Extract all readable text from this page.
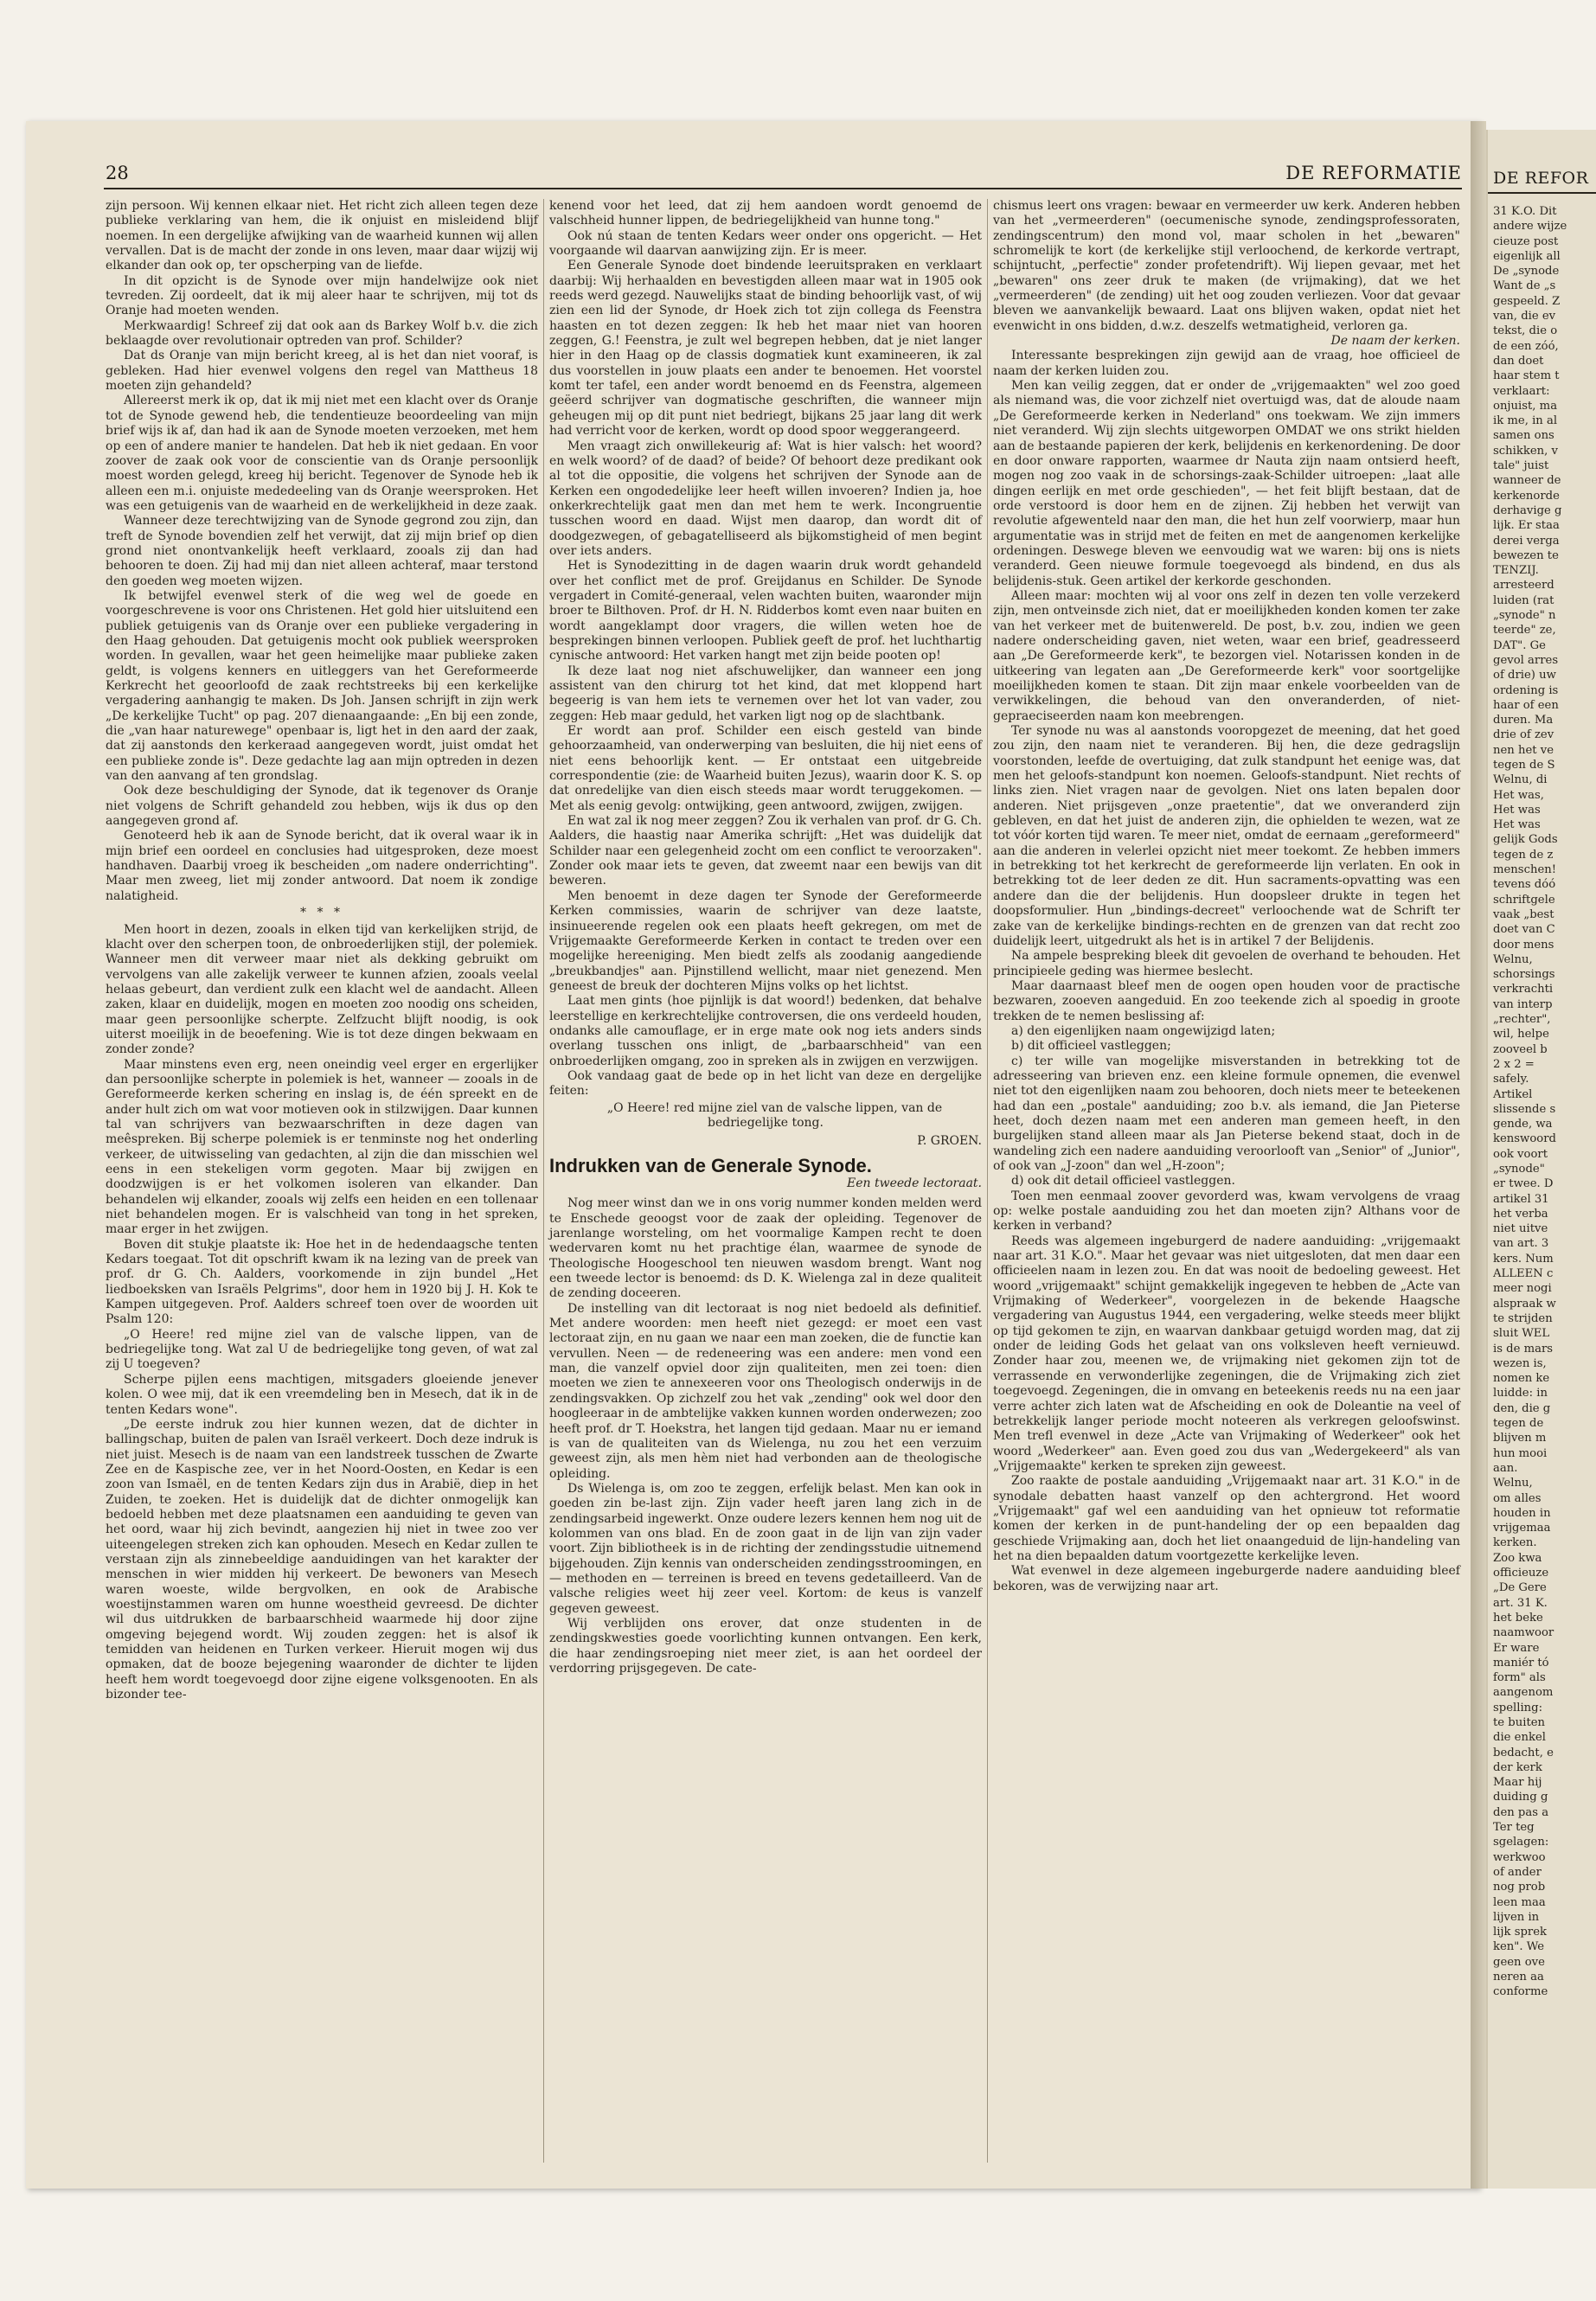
28	DE REFORMATIE

zijn persoon. Wij kennen elkaar niet. Het richt zich alleen tegen deze publieke verklaring van hem, die ik onjuist en misleidend blijf noemen. In een dergelijke afwijking van de waarheid kunnen wij allen vervallen. Dat is de macht der zonde in ons leven, maar daar wijzij wij elkander dan ook op, ter opscherping van de liefde.

In dit opzicht is de Synode over mijn handelwijze ook niet tevreden. Zij oordeelt, dat ik mij aleer haar te schrijven, mij tot ds Oranje had moeten wenden.

Merkwaardig! Schreef zij dat ook aan ds Barkey Wolf b.v. die zich beklaagde over revolutionair optreden van prof. Schilder?

Dat ds Oranje van mijn bericht kreeg, al is het dan niet vooraf, is gebleken. Had hier evenwel volgens den regel van Mattheus 18 moeten zijn gehandeld?

Allereerst merk ik op, dat ik mij niet met een klacht over ds Oranje tot de Synode gewend heb, die tendentieuze beoordeeling van mijn brief wijs ik af, dan had ik aan de Synode moeten verzoeken, met hem op een of andere manier te handelen. Dat heb ik niet gedaan. En voor zoover de zaak ook voor de conscientie van ds Oranje persoonlijk moest worden gelegd, kreeg hij bericht. Tegenover de Synode heb ik alleen een m.i. onjuiste mededeeling van ds Oranje weersproken. Het was een getuigenis van de waarheid en de werkelijkheid in deze zaak.

Wanneer deze terechtwijzing van de Synode gegrond zou zijn, dan treft de Synode bovendien zelf het verwijt, dat zij mijn brief op dien grond niet onontvankelijk heeft verklaard, zooals zij dan had behooren te doen. Zij had mij dan niet alleen achteraf, maar terstond den goeden weg moeten wijzen.

Ik betwijfel evenwel sterk of die weg wel de goede en voorgeschrevene is voor ons Christenen. Het gold hier uitsluitend een publiek getuigenis van ds Oranje over een publieke vergadering in den Haag gehouden. Dat getuigenis mocht ook publiek weersproken worden. In gevallen, waar het geen heimelijke maar publieke zaken geldt, is volgens kenners en uitleggers van het Gereformeerde Kerkrecht het geoorloofd de zaak rechtstreeks bij een kerkelijke vergadering aanhangig te maken. Ds Joh. Jansen schrijft in zijn werk „De kerkelijke Tucht" op pag. 207 dienaangaande: „En bij een zonde, die „van haar naturewege" openbaar is, ligt het in den aard der zaak, dat zij aanstonds den kerkeraad aangegeven wordt, juist omdat het een publieke zonde is". Deze gedachte lag aan mijn optreden in dezen van den aanvang af ten grondslag.

Ook deze beschuldiging der Synode, dat ik tegenover ds Oranje niet volgens de Schrift gehandeld zou hebben, wijs ik dus op den aangegeven grond af.

Genoteerd heb ik aan de Synode bericht, dat ik overal waar ik in mijn brief een oordeel en conclusies had uitgesproken, deze moest handhaven. Daarbij vroeg ik bescheiden „om nadere onderrichting". Maar men zweeg, liet mij zonder antwoord. Dat noem ik zondige nalatigheid.

* * *

Men hoort in dezen, zooals in elken tijd van kerkelijken strijd, de klacht over den scherpen toon, de onbroederlijken stijl, der polemiek. Wanneer men dit verweer maar niet als dekking gebruikt om vervolgens van alle zakelijk verweer te kunnen afzien, zooals veelal helaas gebeurt, dan verdient zulk een klacht wel de aandacht. Alleen zaken, klaar en duidelijk, mogen en moeten zoo noodig ons scheiden, maar geen persoonlijke scherpte. Zelfzucht blijft noodig, is ook uiterst moeilijk in de beoefening. Wie is tot deze dingen bekwaam en zonder zonde?

Maar minstens even erg, neen oneindig veel erger en ergerlijker dan persoonlijke scherpte in polemiek is het, wanneer — zooals in de Gereformeerde kerken schering en inslag is, de één spreekt en de ander hult zich om wat voor motieven ook in stilzwijgen. Daar kunnen tal van schrijvers van bezwaarschriften in deze dagen van meêspreken. Bij scherpe polemiek is er tenminste nog het onderling verkeer, de uitwisseling van gedachten, al zijn die dan misschien wel eens in een stekeligen vorm gegoten. Maar bij zwijgen en doodzwijgen is er het volkomen isoleren van elkander. Dan behandelen wij elkander, zooals wij zelfs een heiden en een tollenaar niet behandelen mogen. Er is valschheid van tong in het spreken, maar erger in het zwijgen.

Boven dit stukje plaatste ik: Hoe het in de hedendaagsche tenten Kedars toegaat. Tot dit opschrift kwam ik na lezing van de preek van prof. dr G. Ch. Aalders, voorkomende in zijn bundel „Het liedboeksken van Israëls Pelgrims", door hem in 1920 bij J. H. Kok te Kampen uitgegeven. Prof. Aalders schreef toen over de woorden uit Psalm 120:

„O Heere! red mijne ziel van de valsche lippen, van de bedriegelijke tong. Wat zal U de bedriegelijke tong geven, of wat zal zij U toegeven?

Scherpe pijlen eens machtigen, mitsgaders gloeiende jenever kolen. O wee mij, dat ik een vreemdeling ben in Mesech, dat ik in de tenten Kedars wone".

„De eerste indruk zou hier kunnen wezen, dat de dichter in ballingschap, buiten de palen van Israël verkeert. Doch deze indruk is niet juist. Mesech is de naam van een landstreek tusschen de Zwarte Zee en de Kaspische zee, ver in het Noord-Oosten, en Kedar is een zoon van Ismaël, en de tenten Kedars zijn dus in Arabië, diep in het Zuiden, te zoeken. Het is duidelijk dat de dichter onmogelijk kan bedoeld hebben met deze plaatsnamen een aanduiding te geven van het oord, waar hij zich bevindt, aangezien hij niet in twee zoo ver uiteengelegen streken zich kan ophouden. Mesech en Kedar zullen te verstaan zijn als zinnebeeldige aanduidingen van het karakter der menschen in wier midden hij verkeert. De bewoners van Mesech waren woeste, wilde bergvolken, en ook de Arabische woestijnstammen waren om hunne woestheid gevreesd. De dichter wil dus uitdrukken de barbaarschheid waarmede hij door zijne omgeving bejegend wordt. Wij zouden zeggen: het is alsof ik temidden van heidenen en Turken verkeer. Hieruit mogen wij dus opmaken, dat de booze bejegening waaronder de dichter te lijden heeft hem wordt toegevoegd door zijne eigene volksgenooten. En als bizonder tee-

kenend voor het leed, dat zij hem aandoen wordt genoemd de valschheid hunner lippen, de bedriegelijkheid van hunne tong."

Ook nú staan de tenten Kedars weer onder ons opgericht. — Het voorgaande wil daarvan aanwijzing zijn. Er is meer.

Een Generale Synode doet bindende leeruitspraken en verklaart daarbij: Wij herhaalden en bevestigden alleen maar wat in 1905 ook reeds werd gezegd. Nauwelijks staat de binding behoorlijk vast, of wij zien een lid der Synode, dr Hoek zich tot zijn collega ds Feenstra haasten en tot dezen zeggen: Ik heb het maar niet van hooren zeggen, G.! Feenstra, je zult wel begrepen hebben, dat je niet langer hier in den Haag op de classis dogmatiek kunt examineeren, ik zal dus voorstellen in jouw plaats een ander te benoemen. Het voorstel komt ter tafel, een ander wordt benoemd en ds Feenstra, algemeen geëerd schrijver van dogmatische geschriften, die wanneer mijn geheugen mij op dit punt niet bedriegt, bijkans 25 jaar lang dit werk had verricht voor de kerken, wordt op dood spoor weggerangeerd.

Men vraagt zich onwillekeurig af: Wat is hier valsch: het woord? en welk woord? of de daad? of beide? Of behoort deze predikant ook al tot die oppositie, die volgens het schrijven der Synode aan de Kerken een ongodedelijke leer heeft willen invoeren? Indien ja, hoe onkerkrechtelijk gaat men dan met hem te werk. Incongruentie tusschen woord en daad. Wijst men daarop, dan wordt dit of doodgezwegen, of gebagatelliseerd als bijkomstigheid of men begint over iets anders.

Het is Synodezitting in de dagen waarin druk wordt gehandeld over het conflict met de prof. Greijdanus en Schilder. De Synode vergadert in Comité-generaal, velen wachten buiten, waaronder mijn broer te Bilthoven. Prof. dr H. N. Ridderbos komt even naar buiten en wordt aangeklampt door vragers, die willen weten hoe de besprekingen binnen verloopen. Publiek geeft de prof. het luchthartig cynische antwoord: Het varken hangt met zijn beide pooten op!

Ik deze laat nog niet afschuwelijker, dan wanneer een jong assistent van den chirurg tot het kind, dat met kloppend hart begeerig is van hem iets te vernemen over het lot van vader, zou zeggen: Heb maar geduld, het varken ligt nog op de slachtbank.

Er wordt aan prof. Schilder een eisch gesteld van binde gehoorzaamheid, van onderwerping van besluiten, die hij niet eens of niet eens behoorlijk kent. — Er ontstaat een uitgebreide correspondentie (zie: de Waarheid buiten Jezus), waarin door K. S. op dat onredelijke van dien eisch steeds maar wordt teruggekomen. — Met als eenig gevolg: ontwijking, geen antwoord, zwijgen, zwijgen.

En wat zal ik nog meer zeggen? Zou ik verhalen van prof. dr G. Ch. Aalders, die haastig naar Amerika schrijft: „Het was duidelijk dat Schilder naar een gelegenheid zocht om een conflict te veroorzaken". Zonder ook maar iets te geven, dat zweemt naar een bewijs van dit beweren.

Men benoemt in deze dagen ter Synode der Gereformeerde Kerken commissies, waarin de schrijver van deze laatste, insinueerende regelen ook een plaats heeft gekregen, om met de Vrijgemaakte Gereformeerde Kerken in contact te treden over een mogelijke hereeniging. Men biedt zelfs als zoodanig aangediende „breukbandjes" aan. Pijnstillend wellicht, maar niet genezend. Men geneest de breuk der dochteren Mijns volks op het lichtst.

Laat men gints (hoe pijnlijk is dat woord!) bedenken, dat behalve leerstellige en kerkrechtelijke controversen, die ons verdeeld houden, ondanks alle camouflage, er in erge mate ook nog iets anders sinds overlang tusschen ons inligt, de „barbaarschheid" van een onbroederlijken omgang, zoo in spreken als in zwijgen en verzwijgen.

Ook vandaag gaat de bede op in het licht van deze en dergelijke feiten:

„O Heere! red mijne ziel van de valsche lippen, van de bedriegelijke tong.

P. GROEN.
Indrukken van de Generale Synode.
Een tweede lectoraat.

Nog meer winst dan we in ons vorig nummer konden melden werd te Enschede geoogst voor de zaak der opleiding. Tegenover de jarenlange worsteling, om het voormalige Kampen recht te doen wedervaren komt nu het prachtige élan, waarmee de synode de Theologische Hoogeschool ten nieuwen wasdom brengt. Want nog een tweede lector is benoemd: ds D. K. Wielenga zal in deze qualiteit de zending doceeren.

De instelling van dit lectoraat is nog niet bedoeld als definitief. Met andere woorden: men heeft niet gezegd: er moet een vast lectoraat zijn, en nu gaan we naar een man zoeken, die de functie kan vervullen. Neen — de redeneering was een andere: men vond een man, die vanzelf opviel door zijn qualiteiten, men zei toen: dien moeten we zien te annexeeren voor ons Theologisch onderwijs in de zendingsvakken. Op zichzelf zou het vak „zending" ook wel door den hoogleeraar in de ambtelijke vakken kunnen worden onderwezen; zoo heeft prof. dr T. Hoekstra, het langen tijd gedaan. Maar nu er iemand is van de qualiteiten van ds Wielenga, nu zou het een verzuim geweest zijn, als men hèm niet had verbonden aan de theologische opleiding.

Ds Wielenga is, om zoo te zeggen, erfelijk belast. Men kan ook in goeden zin be-last zijn. Zijn vader heeft jaren lang zich in de zendingsarbeid ingewerkt. Onze oudere lezers kennen hem nog uit de kolommen van ons blad. En de zoon gaat in de lijn van zijn vader voort. Zijn bibliotheek is in de richting der zendingsstudie uitnemend bijgehouden. Zijn kennis van onderscheiden zendingsstroomingen, en — methoden en — terreinen is breed en tevens gedetailleerd. Van de valsche religies weet hij zeer veel. Kortom: de keus is vanzelf gegeven geweest.

Wij verblijden ons erover, dat onze studenten in de zendingskwesties goede voorlichting kunnen ontvangen. Een kerk, die haar zendingsroeping niet meer ziet, is aan het oordeel der verdorring prijsgegeven. De cate-

chismus leert ons vragen: bewaar en vermeerder uw kerk. Anderen hebben van het „vermeerderen" (oecumenische synode, zendingsprofessoraten, zendingscentrum) den mond vol, maar scholen in het „bewaren" schromelijk te kort (de kerkelijke stijl verloochend, de kerkorde vertrapt, schijntucht, „perfectie" zonder profetendrift). Wij liepen gevaar, met het „bewaren" ons zeer druk te maken (de vrijmaking), dat we het „vermeerderen" (de zending) uit het oog zouden verliezen. Voor dat gevaar bleven we aanvankelijk bewaard. Laat ons blijven waken, opdat niet het evenwicht in ons bidden, d.w.z. deszelfs wetmatigheid, verloren ga.

De naam der kerken.

Interessante besprekingen zijn gewijd aan de vraag, hoe officieel de naam der kerken luiden zou.

Men kan veilig zeggen, dat er onder de „vrijgemaakten" wel zoo goed als niemand was, die voor zichzelf niet overtuigd was, dat de aloude naam „De Gereformeerde kerken in Nederland" ons toekwam. We zijn immers niet veranderd. Wij zijn slechts uitgeworpen OMDAT we ons strikt hielden aan de bestaande papieren der kerk, belijdenis en kerkenordening. De door en door onware rapporten, waarmee dr Nauta zijn naam ontsierd heeft, mogen nog zoo vaak in de schorsings-zaak-Schilder uitroepen: „laat alle dingen eerlijk en met orde geschieden", — het feit blijft bestaan, dat de orde verstoord is door hem en de zijnen. Zij hebben het verwijt van revolutie afgewenteld naar den man, die het hun zelf voorwierp, maar hun argumentatie was in strijd met de feiten en met de aangenomen kerkelijke ordeningen. Deswege bleven we eenvoudig wat we waren: bij ons is niets veranderd. Geen nieuwe formule toegevoegd als bindend, en dus als belijdenis-stuk. Geen artikel der kerkorde geschonden.

Alleen maar: mochten wij al voor ons zelf in dezen ten volle verzekerd zijn, men ontveinsde zich niet, dat er moeilijkheden konden komen ter zake van het verkeer met de buitenwereld. De post, b.v. zou, indien we geen nadere onderscheiding gaven, niet weten, waar een brief, geadresseerd aan „De Gereformeerde kerk", te bezorgen viel. Notarissen konden in de uitkeering van legaten aan „De Gereformeerde kerk" voor soortgelijke moeilijkheden komen te staan. Dit zijn maar enkele voorbeelden van de verwikkelingen, die behoud van den onveranderden, of niet-gepraeciseerden naam kon meebrengen.

Ter synode nu was al aanstonds vooropgezet de meening, dat het goed zou zijn, den naam niet te veranderen. Bij hen, die deze gedragslijn voorstonden, leefde de overtuiging, dat zulk standpunt het eenige was, dat men het geloofs-standpunt kon noemen. Geloofs-standpunt. Niet rechts of links zien. Niet vragen naar de gevolgen. Niet ons laten bepalen door anderen. Niet prijsgeven „onze praetentie", dat we onveranderd zijn gebleven, en dat het juist de anderen zijn, die ophielden te wezen, wat ze tot vóór korten tijd waren. Te meer niet, omdat de eernaam „gereformeerd" aan die anderen in velerlei opzicht niet meer toekomt. Ze hebben immers in betrekking tot het kerkrecht de gereformeerde lijn verlaten. En ook in betrekking tot de leer deden ze dit. Hun sacraments-opvatting was een andere dan die der belijdenis. Hun doopsleer drukte in tegen het doopsformulier. Hun „bindings-decreet" verloochende wat de Schrift ter zake van de kerkelijke bindings-rechten en de grenzen van dat recht zoo duidelijk leert, uitgedrukt als het is in artikel 7 der Belijdenis.

Na ampele bespreking bleek dit gevoelen de overhand te behouden. Het principieele geding was hiermee beslecht.

Maar daarnaast bleef men de oogen open houden voor de practische bezwaren, zooeven aangeduid. En zoo teekende zich al spoedig in groote trekken de te nemen beslissing af:

a) den eigenlijken naam ongewijzigd laten;

b) dit officieel vastleggen;

c) ter wille van mogelijke misverstanden in betrekking tot de adresseering van brieven enz. een kleine formule opnemen, die evenwel niet tot den eigenlijken naam zou behooren, doch niets meer te beteekenen had dan een „postale" aanduiding; zoo b.v. als iemand, die Jan Pieterse heet, doch dezen naam met een anderen man gemeen heeft, in den burgelijken stand alleen maar als Jan Pieterse bekend staat, doch in de wandeling zich een nadere aanduiding veroorlooft van „Senior" of „Junior", of ook van „J-zoon" dan wel „H-zoon";

d) ook dit detail officieel vastleggen.

Toen men eenmaal zoover gevorderd was, kwam vervolgens de vraag op: welke postale aanduiding zou het dan moeten zijn? Althans voor de kerken in verband?

Reeds was algemeen ingeburgerd de nadere aanduiding: „vrijgemaakt naar art. 31 K.O.". Maar het gevaar was niet uitgesloten, dat men daar een officieelen naam in lezen zou. En dat was nooit de bedoeling geweest. Het woord „vrijgemaakt" schijnt gemakkelijk ingegeven te hebben de „Acte van Vrijmaking of Wederkeer", voorgelezen in de bekende Haagsche vergadering van Augustus 1944, een vergadering, welke steeds meer blijkt op tijd gekomen te zijn, en waarvan dankbaar getuigd worden mag, dat zij onder de leiding Gods het gelaat van ons volksleven heeft vernieuwd. Zonder haar zou, meenen we, de vrijmaking niet gekomen zijn tot de verrassende en verwonderlijke zegeningen, die de Vrijmaking zich ziet toegevoegd. Zegeningen, die in omvang en beteekenis reeds nu na een jaar verre achter zich laten wat de Afscheiding en ook de Doleantie na veel of betrekkelijk langer periode mocht noteeren als verkregen geloofswinst. Men trefl evenwel in deze „Acte van Vrijmaking of Wederkeer" ook het woord „Wederkeer" aan. Even goed zou dus van „Wedergekeerd" als van „Vrijgemaakte" kerken te spreken zijn geweest.

Zoo raakte de postale aanduiding „Vrijgemaakt naar art. 31 K.O." in de synodale debatten haast vanzelf op den achtergrond. Het woord „Vrijgemaakt" gaf wel een aanduiding van het opnieuw tot reformatie komen der kerken in de punt-handeling der op een bepaalden dag geschiede Vrijmaking aan, doch het liet onaangeduid de lijn-handeling van het na dien bepaalden datum voortgezette kerkelijke leven.

Wat evenwel in deze algemeen ingeburgerde nadere aanduiding bleef bekoren, was de verwijzing naar art.

DE REFOR
31 K.O. Dit
andere wijze
cieuze post
eigenlijk all
De „synode
Want de „s
gespeeld. Z
van, die ev
tekst, die o
de een zóó,
dan doet
haar stem t
verklaart:
onjuist, ma
ik me, in al
samen ons
schikken, v
tale" juist
wanneer de
kerkenorde
derhavige g
lijk. Er staa
derei verga
bewezen te
TENZIJ.
arresteerd
luiden (rat
„synode" n
teerde" ze,
DAT". Ge
gevol arres
of drie) uw
ordening is
haar of een
duren. Ma
drie of zev
nen het ve
tegen de S
Welnu, di
Het was,
Het was
Het was
gelijk Gods
tegen de z
menschen!
tevens dóó
schriftgele
vaak „best
doet van C
door mens
Welnu,
schorsings
verkrachti
van interp
„rechter",
wil, helpe
zooveel b
2 x 2 =
safely.
Artikel
slissende s
gende, wa
kenswoord
ook voort
„synode"
er twee. D
artikel 31
het verba
niet uitve
van art. 3
kers. Num
ALLEEN c
meer nogi
alspraak w
te strijden
sluit WEL
is de mars
wezen is,
nomen ke
luidde: in
den, die g
tegen de
blijven m
hun mooi
aan.
Welnu,
om alles
houden in
vrijgemaa
kerken.
Zoo kwa
officieuze
„De Gere
art. 31 K.
het beke
naamwoor
Er ware
maniér tó
form" als
aangenom
spelling:
te buiten
die enkel
bedacht, e
der kerk
Maar hij
duiding g
den pas a
Ter teg
sgelagen:
werkwoo
of ander
nog prob
leen maa
lijven in
lijk sprek
ken". We
geen ove
neren aa
conforme
